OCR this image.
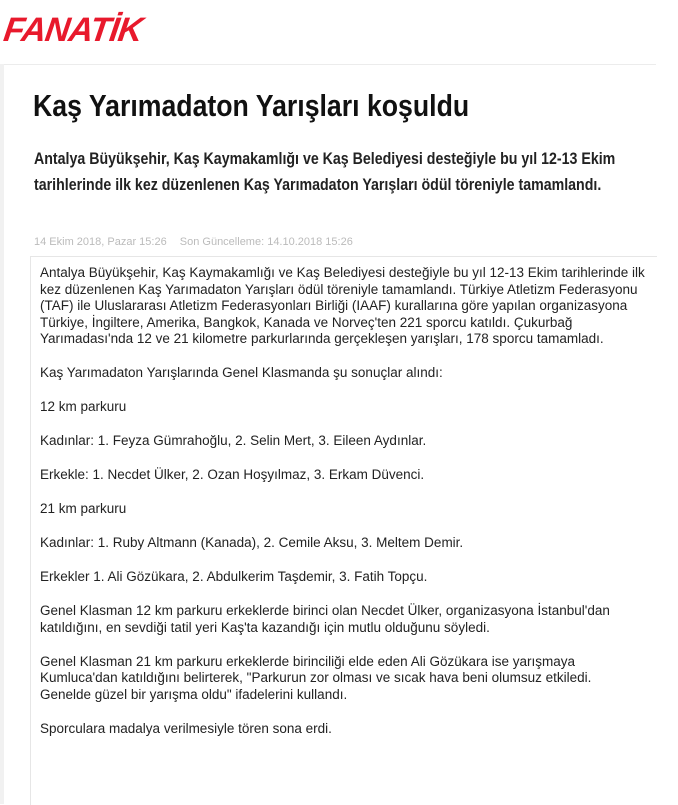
FANATİK
Kaş Yarımadaton Yarışları koşuldu

Antalya Büyükşehir, Kaş Kaymakamlığı ve Kaş Belediyesi desteğiyle bu yıl 12-13 Ekim tarihlerinde ilk kez düzenlenen Kaş Yarımadaton Yarışları ödül töreniyle tamamlandı.

14 Ekim 2018, Pazar 15:26 Son Güncelleme: 14.10.2018 15:26

Antalya Büyükşehir, Kaş Kaymakamlığı ve Kaş Belediyesi desteğiyle bu yıl 12-13 Ekim tarihlerinde ilk kez düzenlenen Kaş Yarımadaton Yarışları ödül töreniyle tamamlandı. Türkiye Atletizm Federasyonu (TAF) ile Uluslararası Atletizm Federasyonları Birliği (IAAF) kurallarına göre yapılan organizasyona Türkiye, İngiltere, Amerika, Bangkok, Kanada ve Norveç'ten 221 sporcu katıldı. Çukurbağ Yarımadası'nda 12 ve 21 kilometre parkurlarında gerçekleşen yarışları, 178 sporcu tamamladı.

Kaş Yarımadaton Yarışlarında Genel Klasmanda şu sonuçlar alındı:

12 km parkuru

Kadınlar: 1. Feyza Gümrahoğlu, 2. Selin Mert, 3. Eileen Aydınlar.

Erkekle: 1. Necdet Ülker, 2. Ozan Hoşyılmaz, 3. Erkam Düvenci.

21 km parkuru

Kadınlar: 1. Ruby Altmann (Kanada), 2. Cemile Aksu, 3. Meltem Demir.

Erkekler 1. Ali Gözükara, 2. Abdulkerim Taşdemir, 3. Fatih Topçu.

Genel Klasman 12 km parkuru erkeklerde birinci olan Necdet Ülker, organizasyona İstanbul'dan katıldığını, en sevdiği tatil yeri Kaş'ta kazandığı için mutlu olduğunu söyledi.

Genel Klasman 21 km parkuru erkeklerde birinciliği elde eden Ali Gözükara ise yarışmaya Kumluca'dan katıldığını belirterek, "Parkurun zor olması ve sıcak hava beni olumsuz etkiledi. Genelde güzel bir yarışma oldu" ifadelerini kullandı.

Sporculara madalya verilmesiyle tören sona erdi.
